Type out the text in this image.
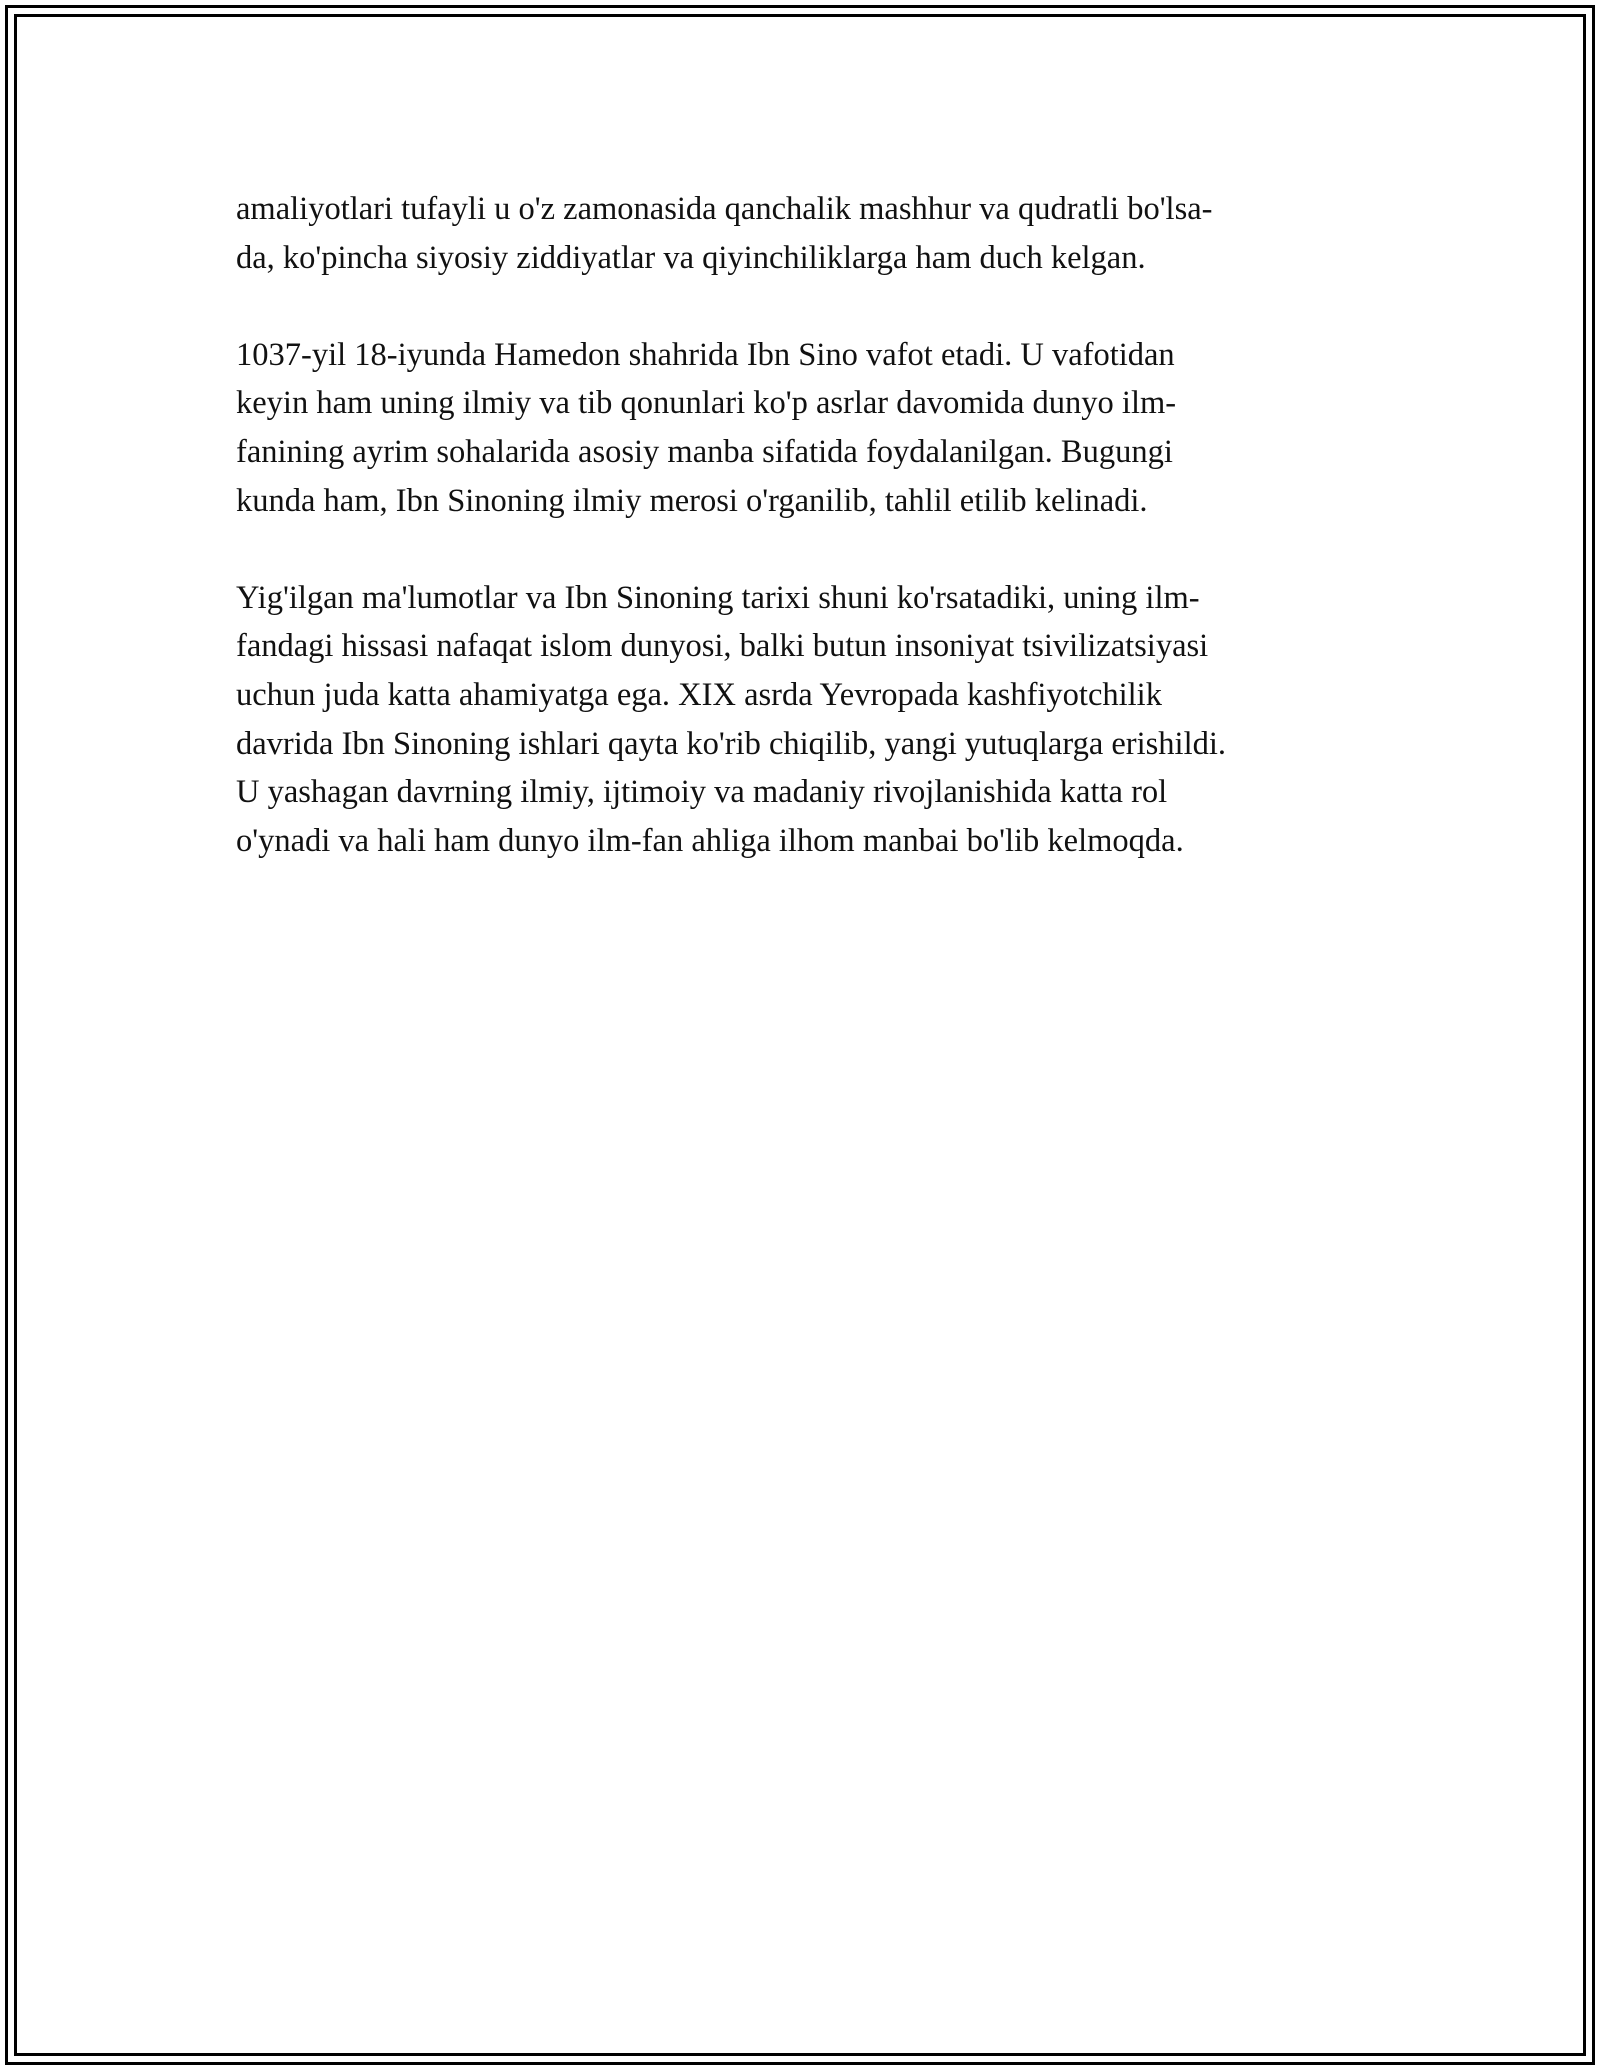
amaliyotlari tufayli u o'z zamonasida qanchalik mashhur va qudratli bo'lsa-
da, ko'pincha siyosiy ziddiyatlar va qiyinchiliklarga ham duch kelgan.

1037-yil 18-iyunda Hamedon shahrida Ibn Sino vafot etadi. U vafotidan
keyin ham uning ilmiy va tib qonunlari ko'p asrlar davomida dunyo ilm-
fanining ayrim sohalarida asosiy manba sifatida foydalanilgan. Bugungi
kunda ham, Ibn Sinoning ilmiy merosi o'rganilib, tahlil etilib kelinadi.

Yig'ilgan ma'lumotlar va Ibn Sinoning tarixi shuni ko'rsatadiki, uning ilm-
fandagi hissasi nafaqat islom dunyosi, balki butun insoniyat tsivilizatsiyasi
uchun juda katta ahamiyatga ega. XIX asrda Yevropada kashfiyotchilik
davrida Ibn Sinoning ishlari qayta ko'rib chiqilib, yangi yutuqlarga erishildi.
U yashagan davrning ilmiy, ijtimoiy va madaniy rivojlanishida katta rol
o'ynadi va hali ham dunyo ilm-fan ahliga ilhom manbai bo'lib kelmoqda.
